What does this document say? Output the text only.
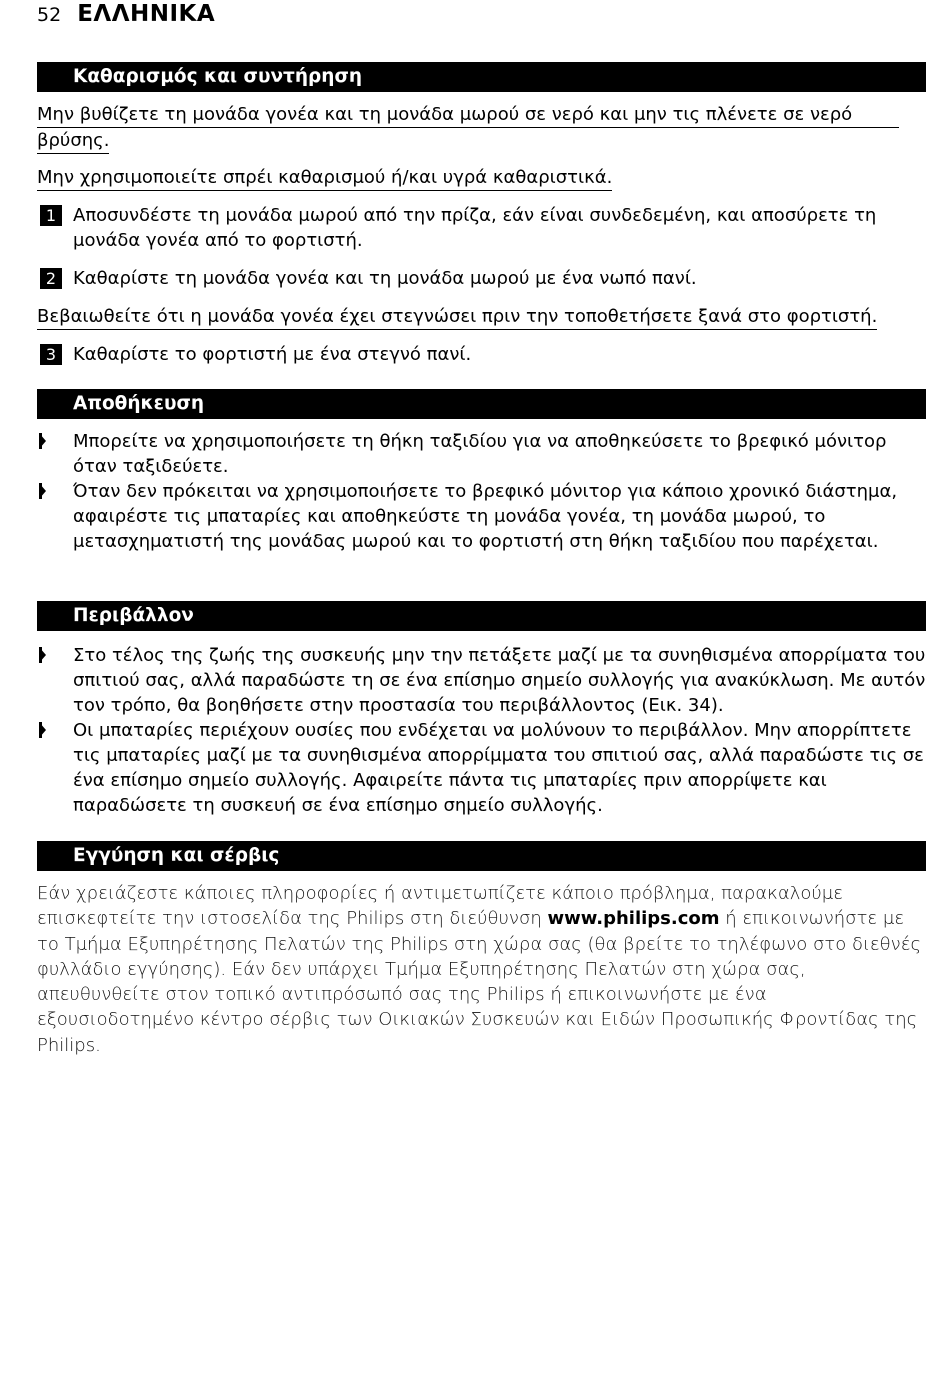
52 ΕΛΛΗΝΙΚΑ
Καθαρισμός και συντήρηση
Μην βυθίζετε τη μονάδα γονέα και τη μονάδα μωρού σε νερό και μην τις πλένετε σε νερό
βρύσης.
Μην χρησιμοποιείτε σπρέι καθαρισμού ή/και υγρά καθαριστικά.
1 Αποσυνδέστε τη μονάδα μωρού από την πρίζα, εάν είναι συνδεδεμένη, και αποσύρετε τη μονάδα γονέα από το φορτιστή.
2 Καθαρίστε τη μονάδα γονέα και τη μονάδα μωρού με ένα νωπό πανί.
Βεβαιωθείτε ότι η μονάδα γονέα έχει στεγνώσει πριν την τοποθετήσετε ξανά στο φορτιστή.
3 Καθαρίστε το φορτιστή με ένα στεγνό πανί.
Αποθήκευση
Μπορείτε να χρησιμοποιήσετε τη θήκη ταξιδίου για να αποθηκεύσετε το βρεφικό μόνιτορ όταν ταξιδεύετε.
Όταν δεν πρόκειται να χρησιμοποιήσετε το βρεφικό μόνιτορ για κάποιο χρονικό διάστημα, αφαιρέστε τις μπαταρίες και αποθηκεύστε τη μονάδα γονέα, τη μονάδα μωρού, το μετασχηματιστή της μονάδας μωρού και το φορτιστή στη θήκη ταξιδίου που παρέχεται.
Περιβάλλον
Στο τέλος της ζωής της συσκευής μην την πετάξετε μαζί με τα συνηθισμένα απορρίματα του σπιτιού σας, αλλά παραδώστε τη σε ένα επίσημο σημείο συλλογής για ανακύκλωση. Με αυτόν τον τρόπο, θα βοηθήσετε στην προστασία του περιβάλλοντος (Εικ. 34).
Οι μπαταρίες περιέχουν ουσίες που ενδέχεται να μολύνουν το περιβάλλον. Μην απορρίπτετε τις μπαταρίες μαζί με τα συνηθισμένα απορρίμματα του σπιτιού σας, αλλά παραδώστε τις σε ένα επίσημο σημείο συλλογής. Αφαιρείτε πάντα τις μπαταρίες πριν απορρίψετε και παραδώσετε τη συσκευή σε ένα επίσημο σημείο συλλογής.
Εγγύηση και σέρβις
Εάν χρειάζεστε κάποιες πληροφορίες ή αντιμετωπίζετε κάποιο πρόβλημα, παρακαλούμε επισκεφτείτε την ιστοσελίδα της Philips στη διεύθυνση www.philips.com ή επικοινωνήστε με το Τμήμα Εξυπηρέτησης Πελατών της Philips στη χώρα σας (θα βρείτε το τηλέφωνο στο διεθνές φυλλάδιο εγγύησης). Εάν δεν υπάρχει Τμήμα Εξυπηρέτησης Πελατών στη χώρα σας, απευθυνθείτε στον τοπικό αντιπρόσωπό σας της Philips ή επικοινωνήστε με ένα εξουσιοδοτημένο κέντρο σέρβις των Οικιακών Συσκευών και Ειδών Προσωπικής Φροντίδας της Philips.
